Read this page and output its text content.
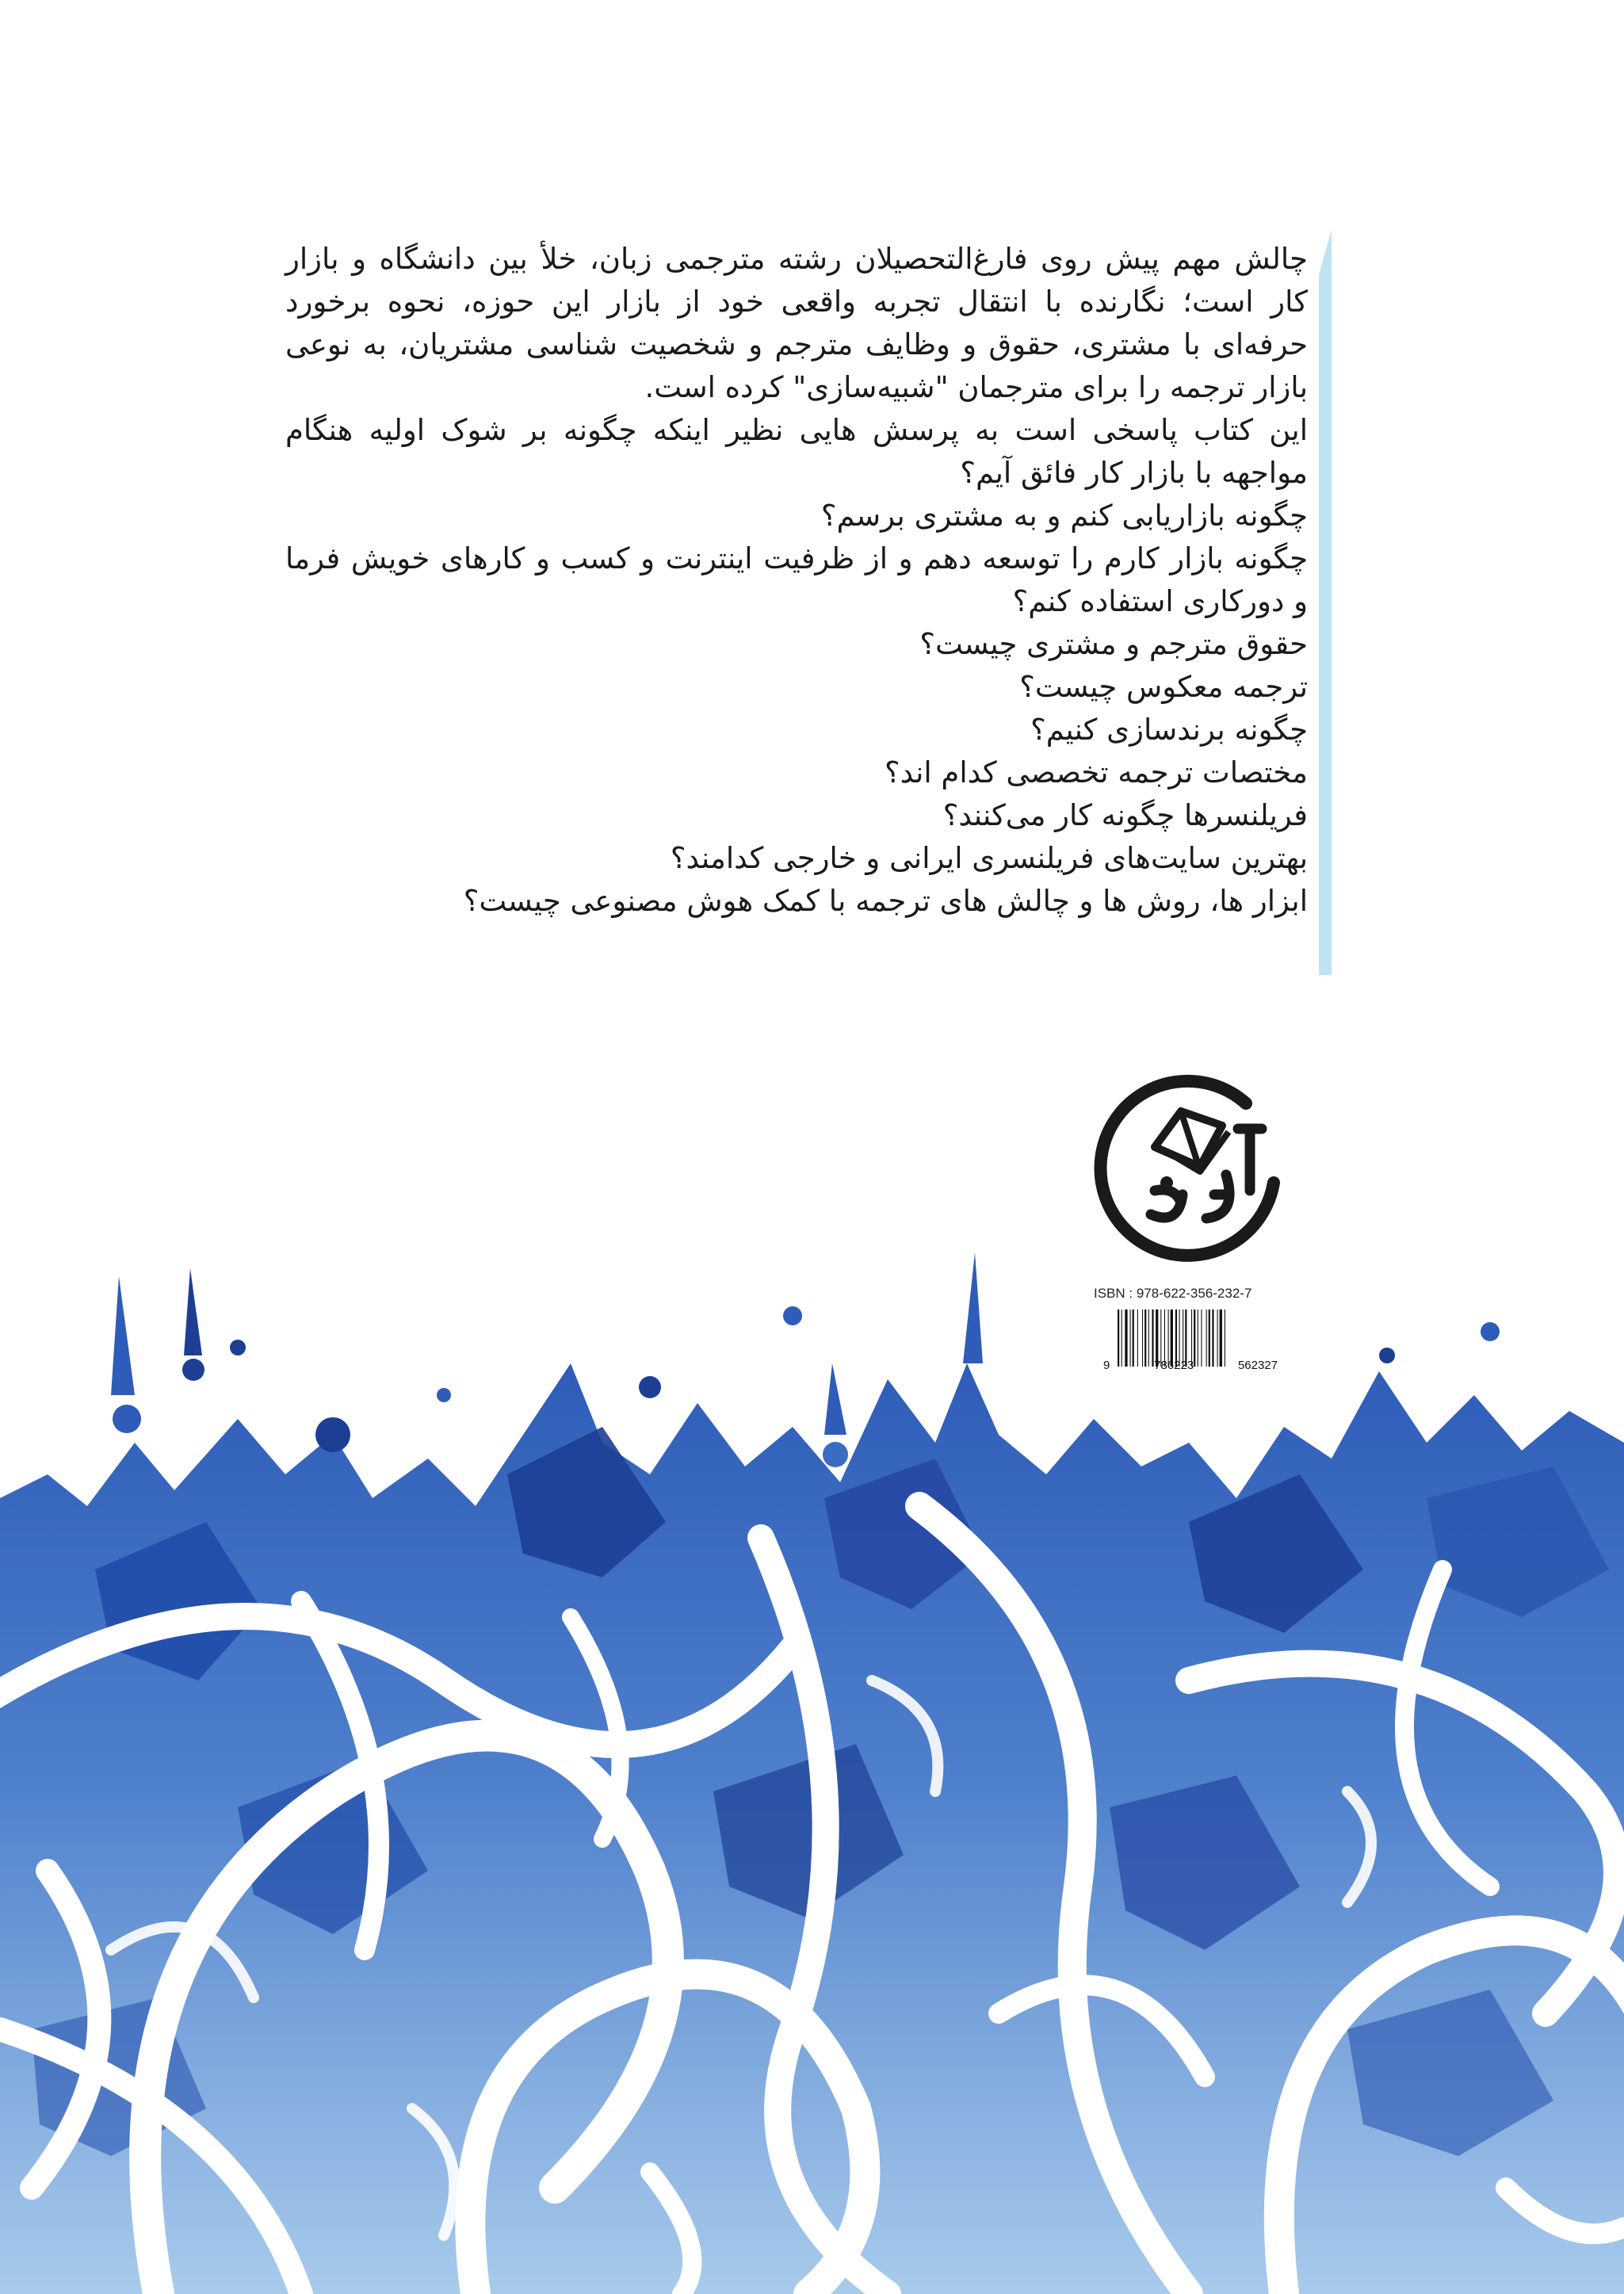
چالش مهم پیش روی فارغ‌التحصیلان رشته مترجمی زبان، خلأ بین دانشگاه و بازار کار است؛ نگارنده با انتقال تجربه واقعی خود از بازار این حوزه، نحوه برخورد حرفه‌ای با مشتری، حقوق و وظایف مترجم و شخصیت شناسی مشتریان، به نوعی بازار ترجمه را برای مترجمان "شبیه‌سازی" کرده است.

این کتاب پاسخی است به پرسش هایی نظیر اینکه چگونه بر شوک اولیه هنگام مواجهه با بازار کار فائق آیم؟

چگونه بازاریابی کنم و به مشتری برسم؟

چگونه بازار کارم را توسعه دهم و از ظرفیت اینترنت و کسب و کارهای خویش فرما و دورکاری استفاده کنم؟

حقوق مترجم و مشتری چیست؟

ترجمه معکوس چیست؟

چگونه برندسازی کنیم؟

مختصات ترجمه تخصصی کدام اند؟

فریلنسرها چگونه کار می‌کنند؟

بهترین سایت‌های فریلنسری ایرانی و خارجی کدامند؟

ابزار ها، روش ها و چالش های ترجمه با کمک هوش مصنوعی چیست؟

ISBN : 978-622-356-232-7
9	786223	562327
